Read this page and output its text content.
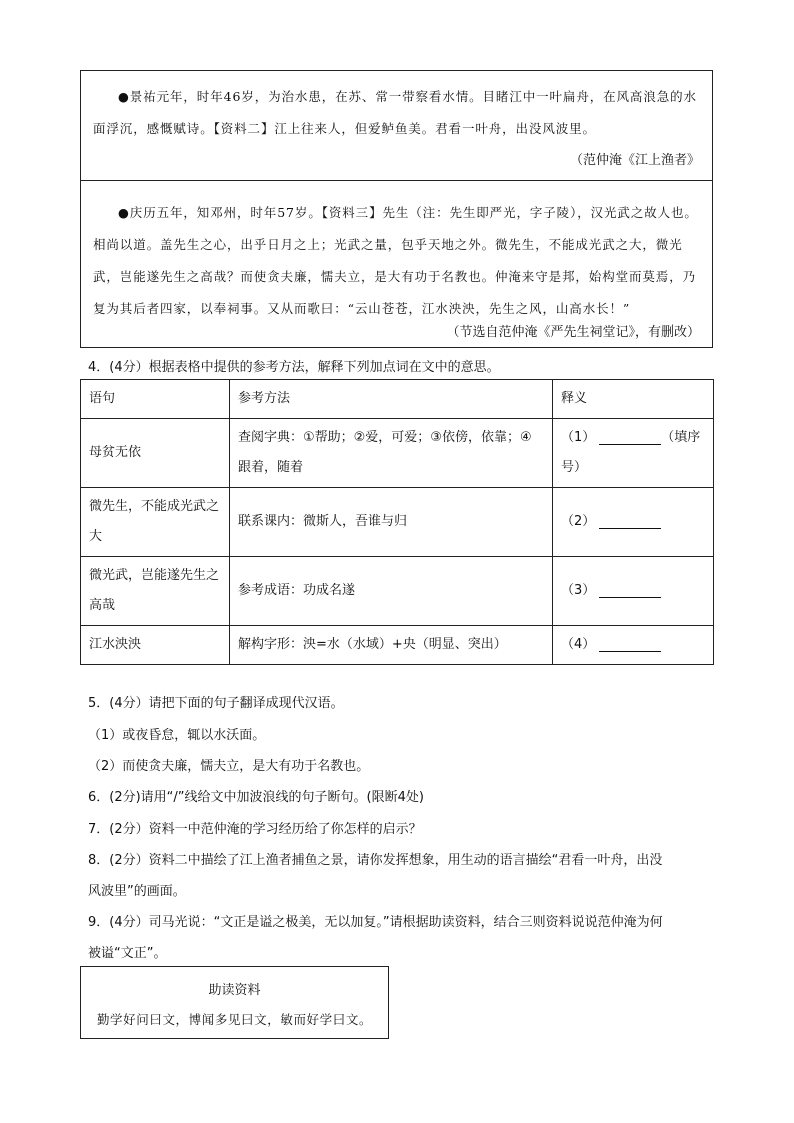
●景祐元年，时年46岁，为治水患，在苏、常一带察看水情。目睹江中一叶扁舟，在风高浪急的水面浮沉，感慨赋诗。【资料二】江上往来人，但爱鲈鱼美。君看一叶舟，出没风波里。

（范仲淹《江上渔者》

●庆历五年，知邓州，时年57岁。【资料三】先生（注：先生即严光，字子陵），汉光武之故人也。相尚以道。盖先生之心，出乎日月之上；光武之量，包乎天地之外。微先生，不能成光武之大，微光武，岂能遂先生之高哉？而使贪夫廉，懦夫立，是大有功于名教也。仲淹来守是邦，始构堂而莫焉，乃复为其后者四家，以奉祠事。又从而歌曰：“云山苍苍，江水泱泱，先生之风，山高水长！”

（节选自范仲淹《严先生祠堂记》，有删改）
4．(4分）根据表格中提供的参考方法，解释下列加点词在文中的意思。
语句	参考方法	释义
母贫无依	查阅字典：①帮助；②爱，可爱；③依傍，依靠；④跟着，随着	（1） （填序号）
微先生，不能成光武之大	联系课内：微斯人，吾谁与归	（2）
微光武，岂能遂先生之高哉	参考成语：功成名遂	（3）
江水泱泱	解构字形：泱=水（水域）+央（明显、突出）	（4）
5．(4分）请把下面的句子翻译成现代汉语。
（1）或夜昏怠，辄以水沃面。
（2）而使贪夫廉，懦夫立，是大有功于名教也。
6．(2分)请用“/”线给文中加波浪线的句子断句。(限断4处)
7．(2分）资料一中范仲淹的学习经历给了你怎样的启示？
8．(2分）资料二中描绘了江上渔者捕鱼之景，请你发挥想象，用生动的语言描绘“君看一叶舟，出没
风波里”的画面。
9．(4分）司马光说：“文正是谥之极美，无以加复。”请根据助读资料，结合三则资料说说范仲淹为何
被谥“文正”。
助读资料
勤学好问曰文，博闻多见曰文，敏而好学曰文。
